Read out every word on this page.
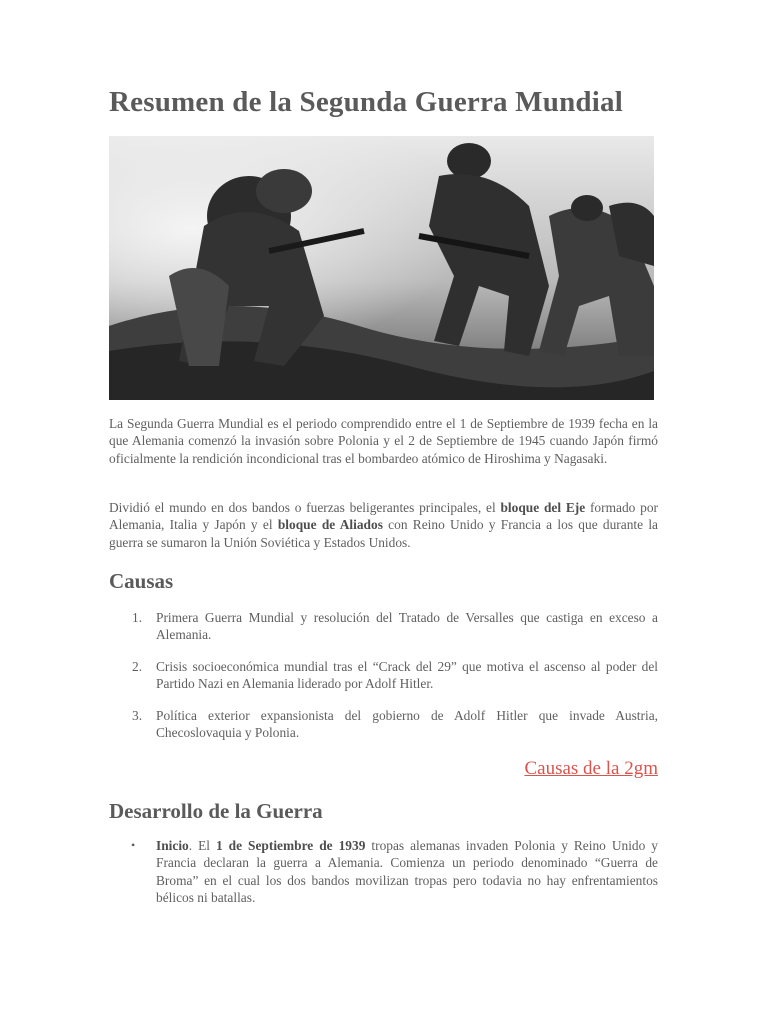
Resumen de la Segunda Guerra Mundial

La Segunda Guerra Mundial es el periodo comprendido entre el 1 de Septiembre de 1939 fecha en la que Alemania comenzó la invasión sobre Polonia y el 2 de Septiembre de 1945 cuando Japón firmó oficialmente la rendición incondicional tras el bombardeo atómico de Hiroshima y Nagasaki.

Dividió el mundo en dos bandos o fuerzas beligerantes principales, el bloque del Eje formado por Alemania, Italia y Japón y el bloque de Aliados con Reino Unido y Francia a los que durante la guerra se sumaron la Unión Soviética y Estados Unidos.

Causas
1. Primera Guerra Mundial y resolución del Tratado de Versalles que castiga en exceso a Alemania.
2. Crisis socioeconómica mundial tras el “Crack del 29” que motiva el ascenso al poder del Partido Nazi en Alemania liderado por Adolf Hitler.
3. Política exterior expansionista del gobierno de Adolf Hitler que invade Austria, Checoslovaquia y Polonia.
Causas de la 2gm
Desarrollo de la Guerra
• Inicio. El 1 de Septiembre de 1939 tropas alemanas invaden Polonia y Reino Unido y Francia declaran la guerra a Alemania. Comienza un periodo denominado “Guerra de Broma” en el cual los dos bandos movilizan tropas pero todavia no hay enfrentamientos bélicos ni batallas.
